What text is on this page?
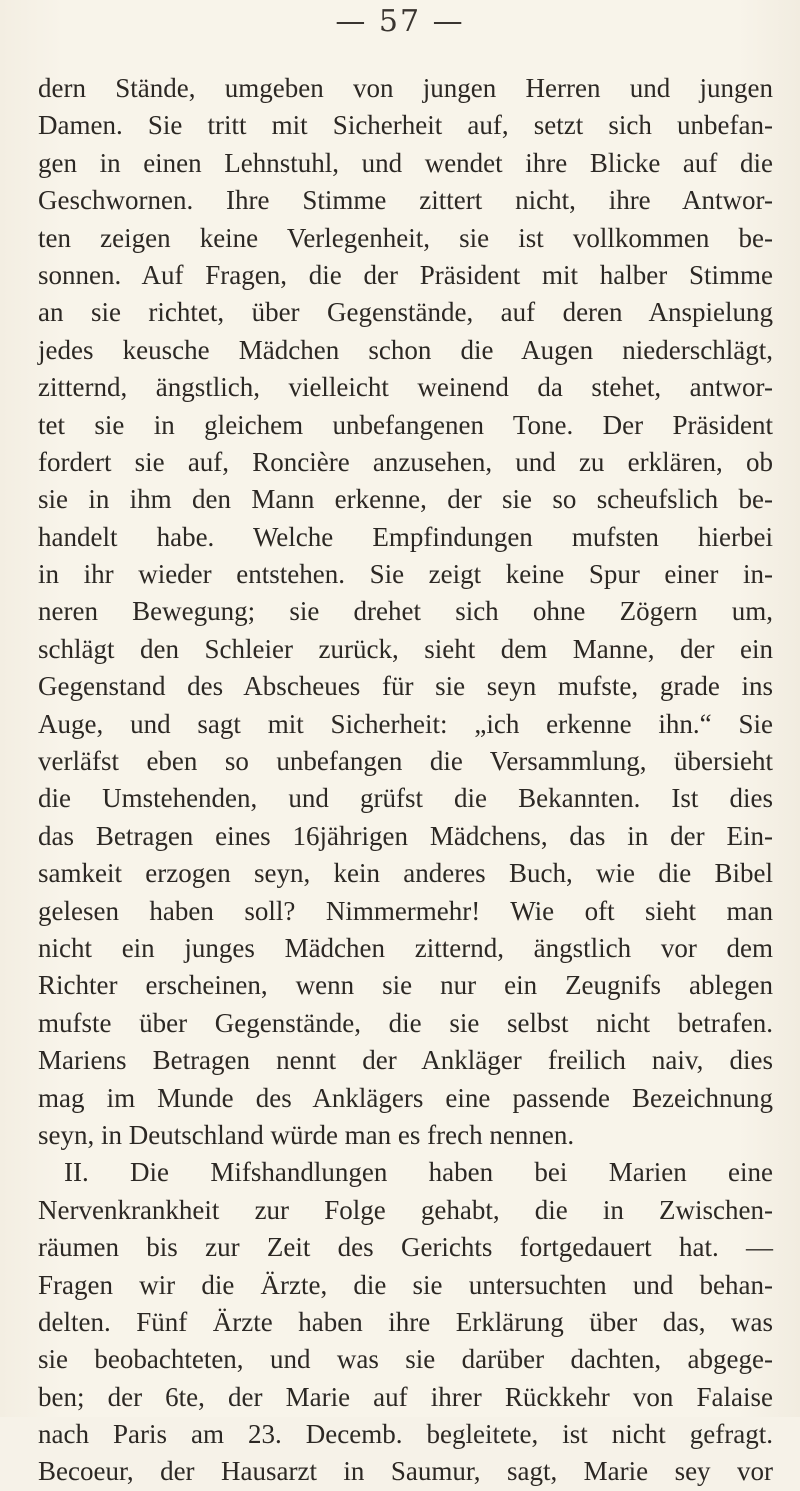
— 57 —
dern Stände, umgeben von jungen Herren und jungen
Damen. Sie tritt mit Sicherheit auf, setzt sich unbefan-
gen in einen Lehnstuhl, und wendet ihre Blicke auf die
Geschwornen. Ihre Stimme zittert nicht, ihre Antwor-
ten zeigen keine Verlegenheit, sie ist vollkommen be-
sonnen. Auf Fragen, die der Präsident mit halber Stimme
an sie richtet, über Gegenstände, auf deren Anspielung
jedes keusche Mädchen schon die Augen niederschlägt,
zitternd, ängstlich, vielleicht weinend da stehet, antwor-
tet sie in gleichem unbefangenen Tone. Der Präsident
fordert sie auf, Roncière anzusehen, und zu erklären, ob
sie in ihm den Mann erkenne, der sie so scheufslich be-
handelt habe. Welche Empfindungen mufsten hierbei
in ihr wieder entstehen. Sie zeigt keine Spur einer in-
neren Bewegung; sie drehet sich ohne Zögern um,
schlägt den Schleier zurück, sieht dem Manne, der ein
Gegenstand des Abscheues für sie seyn mufste, grade ins
Auge, und sagt mit Sicherheit: „ich erkenne ihn.“ Sie
verläfst eben so unbefangen die Versammlung, übersieht
die Umstehenden, und grüfst die Bekannten. Ist dies
das Betragen eines 16jährigen Mädchens, das in der Ein-
samkeit erzogen seyn, kein anderes Buch, wie die Bibel
gelesen haben soll? Nimmermehr! Wie oft sieht man
nicht ein junges Mädchen zitternd, ängstlich vor dem
Richter erscheinen, wenn sie nur ein Zeugnifs ablegen
mufste über Gegenstände, die sie selbst nicht betrafen.
Mariens Betragen nennt der Ankläger freilich naiv, dies
mag im Munde des Anklägers eine passende Bezeichnung
seyn, in Deutschland würde man es frech nennen.
II. Die Mifshandlungen haben bei Marien eine
Nervenkrankheit zur Folge gehabt, die in Zwischen-
räumen bis zur Zeit des Gerichts fortgedauert hat. —
Fragen wir die Ärzte, die sie untersuchten und behan-
delten. Fünf Ärzte haben ihre Erklärung über das, was
sie beobachteten, und was sie darüber dachten, abgege-
ben; der 6te, der Marie auf ihrer Rückkehr von Falaise
nach Paris am 23. Decemb. begleitete, ist nicht gefragt.
Becoeur, der Hausarzt in Saumur, sagt, Marie sey vor
